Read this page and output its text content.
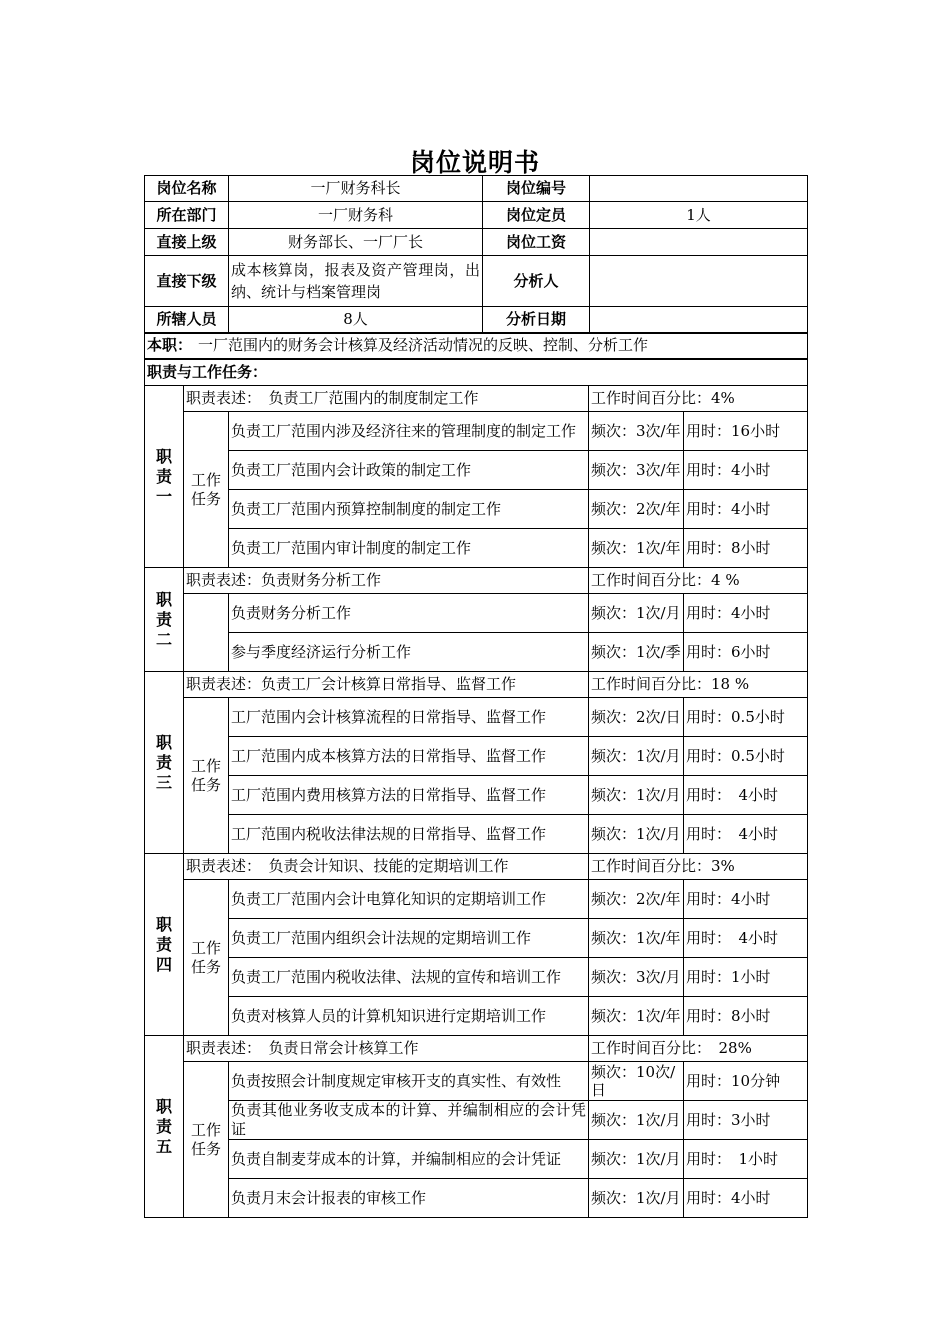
岗位说明书
岗位名称	一厂财务科长	岗位编号	
所在部门	一厂财务科	岗位定员	1人
直接上级	财务部长、一厂厂长	岗位工资	
直接下级	成本核算岗，报表及资产管理岗，出纳、统计与档案管理岗	分析人	
所辖人员	8人	分析日期	
本职： 一厂范围内的财务会计核算及经济活动情况的反映、控制、分析工作			
职责与工作任务：			
职责一	职责表述：　负责工厂范围内的制度制定工作		工作时间百分比：4%	
	工作任务	负责工厂范围内涉及经济往来的管理制度的制定工作	频次：3次/年	用时：16小时
		负责工厂范围内会计政策的制定工作	频次：3次/年	用时：4小时
		负责工厂范围内预算控制制度的制定工作	频次：2次/年	用时：4小时
		负责工厂范围内审计制度的制定工作	频次：1次/年	用时：8小时
职责二	职责表述：负责财务分析工作		工作时间百分比：4 %	
		负责财务分析工作	频次：1次/月	用时：4小时
		参与季度经济运行分析工作	频次：1次/季	用时：6小时
职责三	职责表述：负责工厂会计核算日常指导、监督工作		工作时间百分比：18 %	
	工作任务	工厂范围内会计核算流程的日常指导、监督工作	频次：2次/日	用时：0.5小时
		工厂范围内成本核算方法的日常指导、监督工作	频次：1次/月	用时：0.5小时
		工厂范围内费用核算方法的日常指导、监督工作	频次：1次/月	用时：　4小时
		工厂范围内税收法律法规的日常指导、监督工作	频次：1次/月	用时：　4小时
职责四	职责表述：　负责会计知识、技能的定期培训工作		工作时间百分比：3%	
	工作任务	负责工厂范围内会计电算化知识的定期培训工作	频次：2次/年	用时：4小时
		负责工厂范围内组织会计法规的定期培训工作	频次：1次/年	用时：　4小时
		负责工厂范围内税收法律、法规的宣传和培训工作	频次：3次/月	用时：1小时
		负责对核算人员的计算机知识进行定期培训工作	频次：1次/年	用时：8小时
职责五	职责表述：　负责日常会计核算工作		工作时间百分比：　28%	
	工作任务	负责按照会计制度规定审核开支的真实性、有效性	频次：10次/日	用时：10分钟
		负责其他业务收支成本的计算、并编制相应的会计凭证	频次：1次/月	用时：3小时
		负责自制麦芽成本的计算，并编制相应的会计凭证	频次：1次/月	用时：　1小时
		负责月末会计报表的审核工作	频次：1次/月	用时：4小时
